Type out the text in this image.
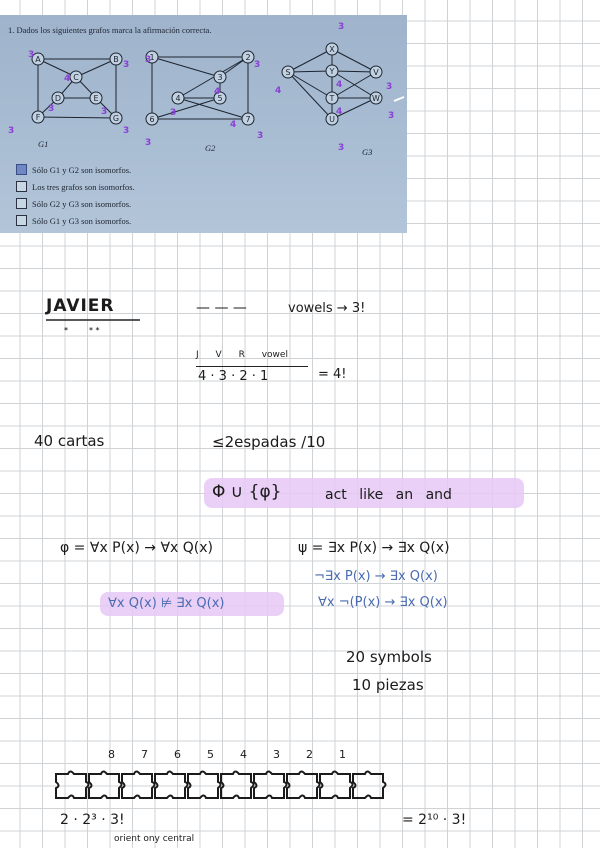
1. Dados los siguientes grafos marca la afirmación correcta.
A	B
C
D	E
F	G
1	2
3
4	5
6	7
X
S	Y	V
T	W
U
3
3
4
3	3
3	3
3	3
4
3
4
3
3
3
4
4	3
4	3
3
G1	G2	G3
Sólo G1 y G2 son isomorfos.
Los tres grafos son isomorfos.
Sólo G2 y G3 son isomorfos.
Sólo G1 y G3 son isomorfos.
JAVIER
*	* *
— — —	vowels → 3!
J V R vowel
4 · 3 · 2 · 1	= 4!
40 cartas	≤2espadas /10
Φ ∪ {φ}	act like an and
φ = ∀x P(x) → ∀x Q(x)	ψ = ∃x P(x) → ∃x Q(x)
¬∃x P(x) → ∃x Q(x)
∀x ¬(P(x) → ∃x Q(x)
∀x Q(x) ⊭ ∃x Q(x)
20 symbols
10 piezas
8 7 6 5 4 3 2 1
2 · 2³ · 3!
orient ony central
= 2¹⁰ · 3!
